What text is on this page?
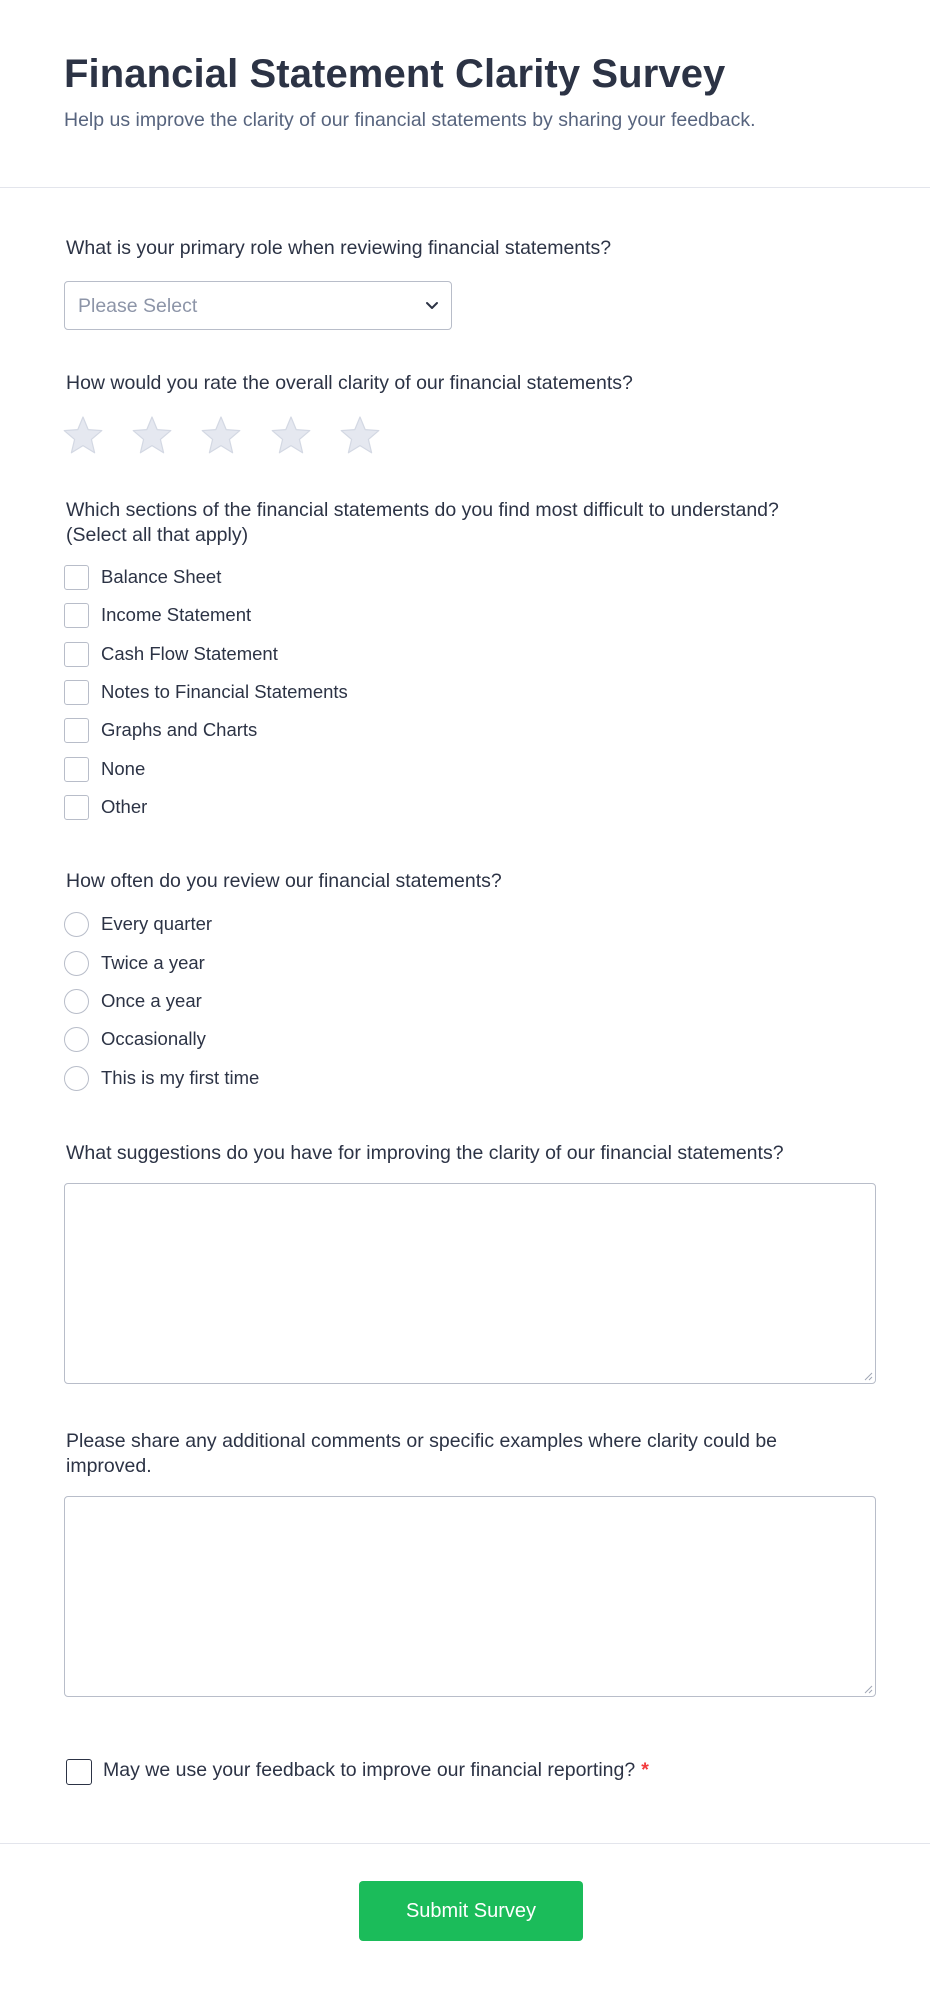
Financial Statement Clarity Survey
Help us improve the clarity of our financial statements by sharing your feedback.
What is your primary role when reviewing financial statements?
Please Select
How would you rate the overall clarity of our financial statements?
Which sections of the financial statements do you find most difficult to understand?
(Select all that apply)
Balance Sheet
Income Statement
Cash Flow Statement
Notes to Financial Statements
Graphs and Charts
None
Other
How often do you review our financial statements?
Every quarter
Twice a year
Once a year
Occasionally
This is my first time
What suggestions do you have for improving the clarity of our financial statements?
Please share any additional comments or specific examples where clarity could be
improved.
May we use your feedback to improve our financial reporting? *
Submit Survey
